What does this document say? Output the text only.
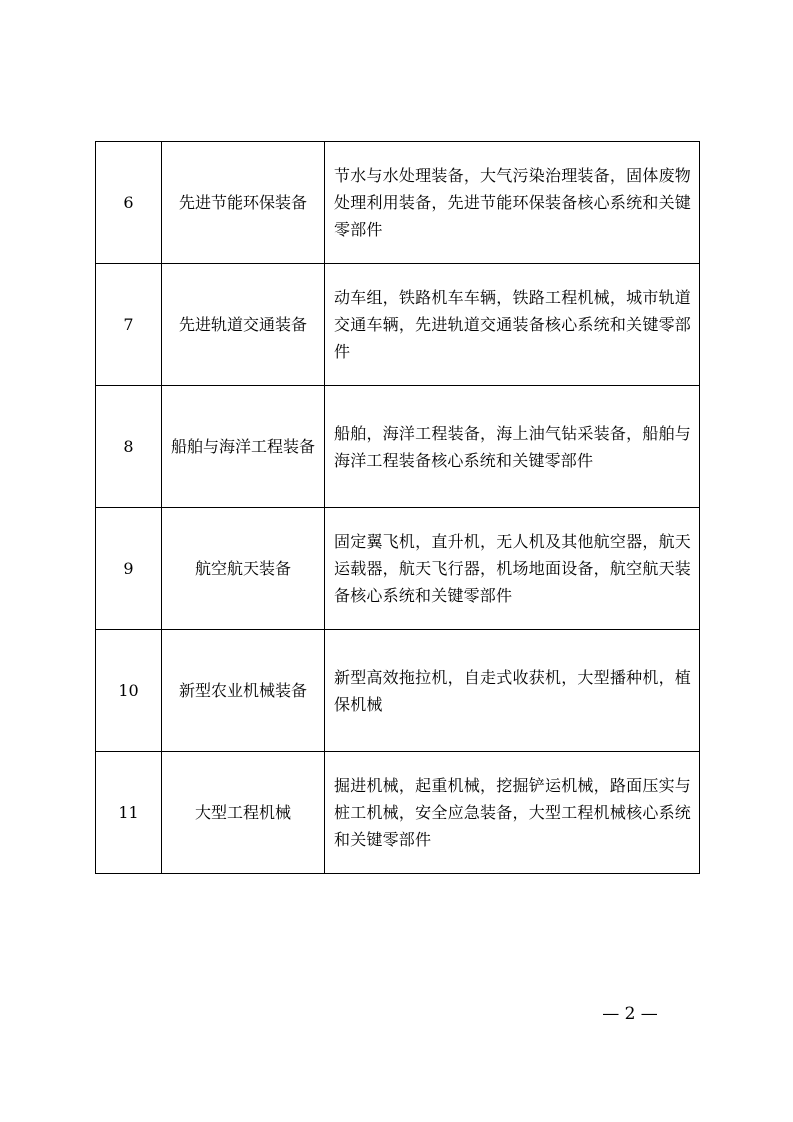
6	先进节能环保装备	节水与水处理装备，大气污染治理装备，固体废物处理利用装备，先进节能环保装备核心系统和关键零部件
7	先进轨道交通装备	动车组，铁路机车车辆，铁路工程机械，城市轨道交通车辆，先进轨道交通装备核心系统和关键零部件
8	船舶与海洋工程装备	船舶，海洋工程装备，海上油气钻采装备，船舶与海洋工程装备核心系统和关键零部件
9	航空航天装备	固定翼飞机，直升机，无人机及其他航空器，航天运载器，航天飞行器，机场地面设备，航空航天装备核心系统和关键零部件
10	新型农业机械装备	新型高效拖拉机，自走式收获机，大型播种机，植保机械
11	大型工程机械	掘进机械，起重机械，挖掘铲运机械，路面压实与桩工机械，安全应急装备，大型工程机械核心系统和关键零部件
— 2 —
